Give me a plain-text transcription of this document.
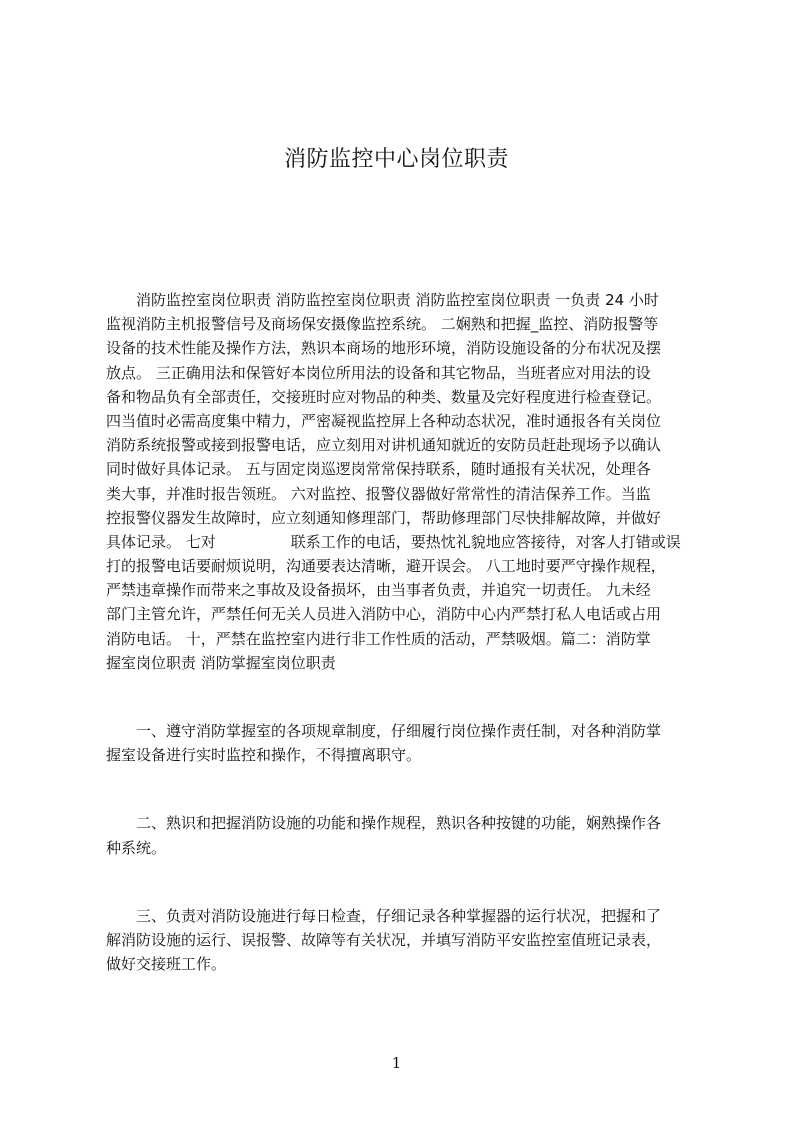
消防监控中心岗位职责
　　消防监控室岗位职责 消防监控室岗位职责 消防监控室岗位职责 一负责 24 小时
监视消防主机报警信号及商场保安摄像监控系统。 二娴熟和把握_监控、消防报警等
设备的技术性能及操作方法，熟识本商场的地形环境，消防设施设备的分布状况及摆
放点。 三正确用法和保管好本岗位所用法的设备和其它物品，当班者应对用法的设
备和物品负有全部责任，交接班时应对物品的种类、数量及完好程度进行检查登记。
四当值时必需高度集中精力，严密凝视监控屏上各种动态状况，准时通报各有关岗位
消防系统报警或接到报警电话，应立刻用对讲机通知就近的安防员赶赴现场予以确认
同时做好具体记录。 五与固定岗巡逻岗常常保持联系，随时通报有关状况，处理各
类大事，并准时报告领班。 六对监控、报警仪器做好常常性的清洁保养工作。当监
控报警仪器发生故障时，应立刻通知修理部门，帮助修理部门尽快排解故障，并做好
具体记录。 七对　　　　　联系工作的电话，要热忱礼貌地应答接待，对客人打错或误
打的报警电话要耐烦说明，沟通要表达清晰，避开误会。 八工地时要严守操作规程，
严禁违章操作而带来之事故及设备损坏，由当事者负责，并追究一切责任。 九未经
部门主管允许，严禁任何无关人员进入消防中心，消防中心内严禁打私人电话或占用
消防电话。 十，严禁在监控室内进行非工作性质的活动，严禁吸烟。篇二：消防掌
握室岗位职责 消防掌握室岗位职责
　　一、遵守消防掌握室的各项规章制度，仔细履行岗位操作责任制，对各种消防掌
握室设备进行实时监控和操作，不得擅离职守。
　　二、熟识和把握消防设施的功能和操作规程，熟识各种按键的功能，娴熟操作各
种系统。
　　三、负责对消防设施进行每日检查，仔细记录各种掌握器的运行状况，把握和了
解消防设施的运行、误报警、故障等有关状况，并填写消防平安监控室值班记录表，
做好交接班工作。
1
